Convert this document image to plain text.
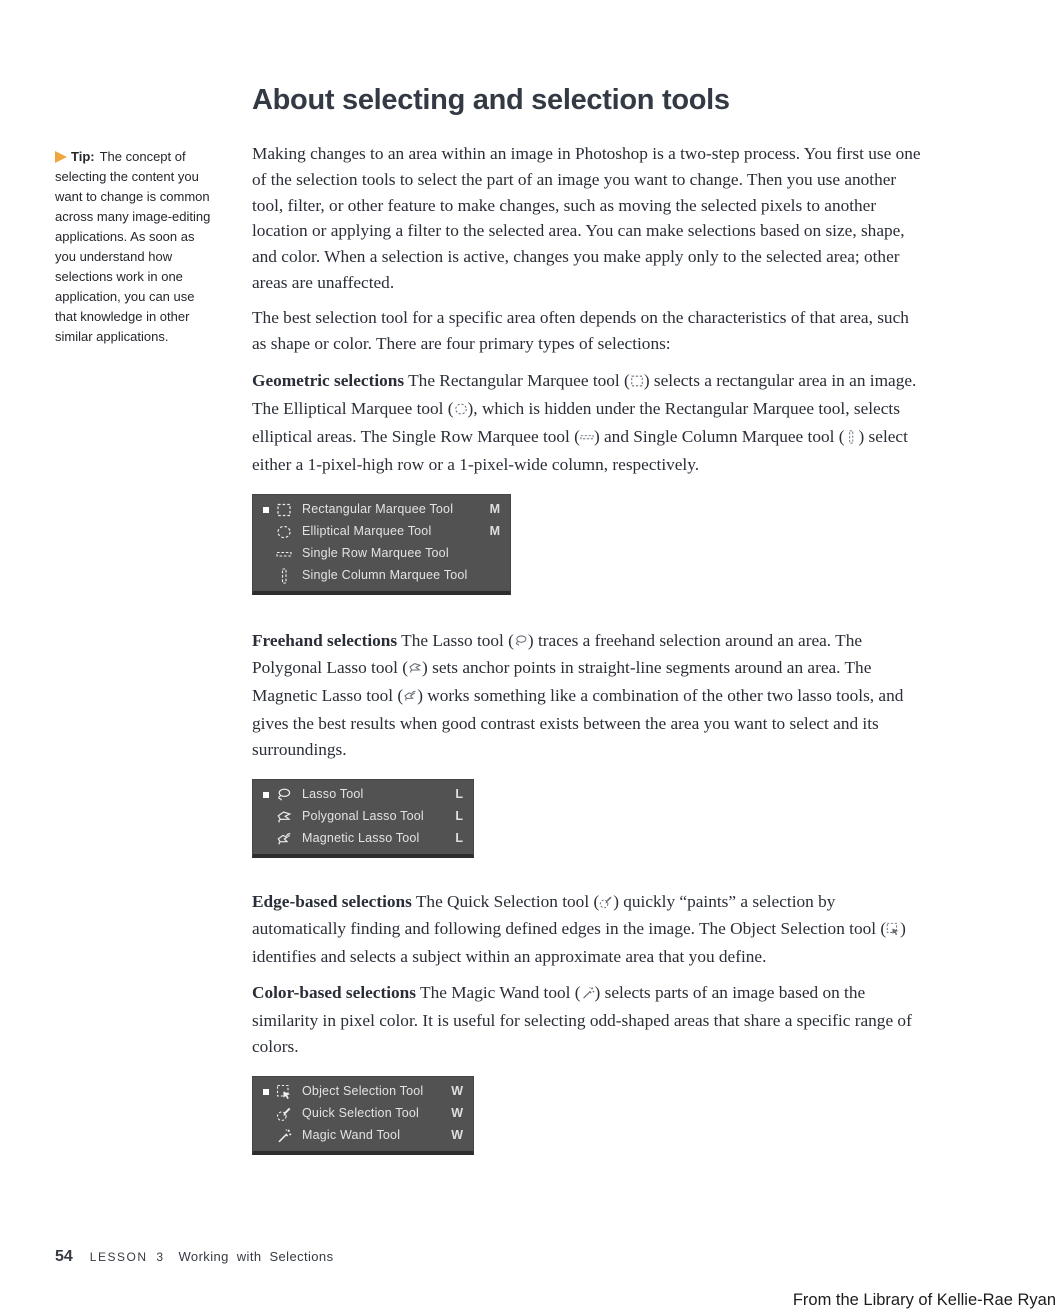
About selecting and selection tools
Tip: The concept of selecting the content you want to change is common across many image-editing applications. As soon as you understand how selections work in one application, you can use that knowledge in other similar applications.

Making changes to an area within an image in Photoshop is a two-step process. You first use one of the selection tools to select the part of an image you want to change. Then you use another tool, filter, or other feature to make changes, such as moving the selected pixels to another location or applying a filter to the selected area. You can make selections based on size, shape, and color. When a selection is active, changes you make apply only to the selected area; other areas are unaffected.

The best selection tool for a specific area often depends on the characteristics of that area, such as shape or color. There are four primary types of selections:

Geometric selections The Rectangular Marquee tool ( ) selects a rectangular area in an image. The Elliptical Marquee tool ( ), which is hidden under the Rectangular Marquee tool, selects elliptical areas. The Single Row Marquee tool ( ) and Single Column Marquee tool ( ) select either a 1-pixel-high row or a 1-pixel-wide column, respectively.

Rectangular Marquee Tool	M
Elliptical Marquee Tool	M
Single Row Marquee Tool
Single Column Marquee Tool

Freehand selections The Lasso tool ( ) traces a freehand selection around an area. The Polygonal Lasso tool ( ) sets anchor points in straight-line segments around an area. The Magnetic Lasso tool ( ) works something like a combination of the other two lasso tools, and gives the best results when good contrast exists between the area you want to select and its surroundings.

Lasso Tool	L
Polygonal Lasso Tool	L
Magnetic Lasso Tool	L

Edge-based selections The Quick Selection tool ( ) quickly “paints” a selection by automatically finding and following defined edges in the image. The Object Selection tool ( ) identifies and selects a subject within an approximate area that you define.

Color-based selections The Magic Wand tool ( ) selects parts of an image based on the similarity in pixel color. It is useful for selecting odd-shaped areas that share a specific range of colors.

Object Selection Tool	W
Quick Selection Tool	W
Magic Wand Tool	W
54 LESSON 3 Working with Selections
From the Library of Kellie-Rae Ryan
